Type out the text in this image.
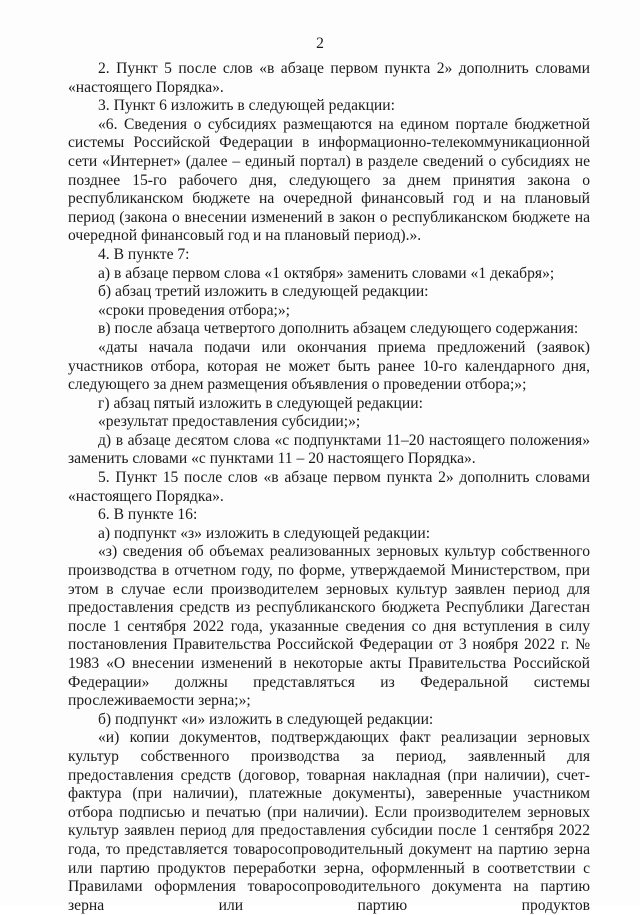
2

2. Пункт 5 после слов «в абзаце первом пункта 2» дополнить словами «настоящего Порядка».

3. Пункт 6 изложить в следующей редакции:

«6. Сведения о субсидиях размещаются на едином портале бюджетной системы Российской Федерации в информационно-телекоммуникационной сети «Интернет» (далее – единый портал) в разделе сведений о субсидиях не позднее 15-го рабочего дня, следующего за днем принятия закона о республиканском бюджете на очередной финансовый год и на плановый период (закона о внесении изменений в закон о республиканском бюджете на очередной финансовый год и на плановый период).».

4. В пункте 7:

а) в абзаце первом слова «1 октября» заменить словами «1 декабря»;

б) абзац третий изложить в следующей редакции:

«сроки проведения отбора;»;

в) после абзаца четвертого дополнить абзацем следующего содержания:

«даты начала подачи или окончания приема предложений (заявок) участников отбора, которая не может быть ранее 10-го календарного дня, следующего за днем размещения объявления о проведении отбора;»;

г) абзац пятый изложить в следующей редакции:

«результат предоставления субсидии;»;

д) в абзаце десятом слова «с подпунктами 11–20 настоящего положения» заменить словами «с пунктами 11 – 20 настоящего Порядка».

5. Пункт 15 после слов «в абзаце первом пункта 2» дополнить словами «настоящего Порядка».

6. В пункте 16:

а) подпункт «з» изложить в следующей редакции:

«з) сведения об объемах реализованных зерновых культур собственного производства в отчетном году, по форме, утверждаемой Министерством, при этом в случае если производителем зерновых культур заявлен период для предоставления средств из республиканского бюджета Республики Дагестан после 1 сентября 2022 года, указанные сведения со дня вступления в силу постановления Правительства Российской Федерации от 3 ноября 2022 г. № 1983 «О внесении изменений в некоторые акты Правительства Российской Федерации» должны представляться из Федеральной системы прослеживаемости зерна;»;

б) подпункт «и» изложить в следующей редакции:

«и) копии документов, подтверждающих факт реализации зерновых культур собственного производства за период, заявленный для предоставления средств (договор, товарная накладная (при наличии), счет-фактура (при наличии), платежные документы), заверенные участником отбора подписью и печатью (при наличии). Если производителем зерновых культур заявлен период для предоставления субсидии после 1 сентября 2022 года, то представляется товаросопроводительный документ на партию зерна или партию продуктов переработки зерна, оформленный в соответствии с Правилами оформления товаросопроводительного документа на партию зерна или партию продуктов
